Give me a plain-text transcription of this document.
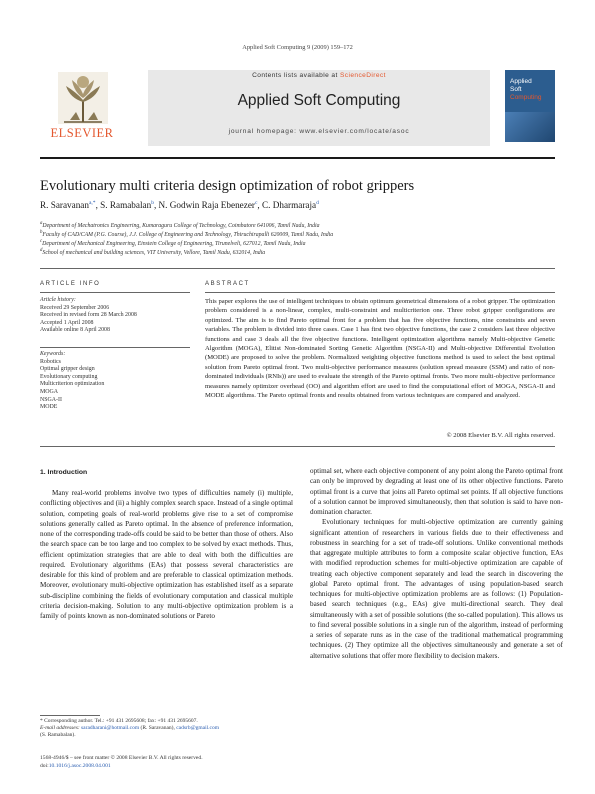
Applied Soft Computing 9 (2009) 159–172
ELSEVIER
Contents lists available at ScienceDirect
Applied Soft Computing
journal homepage: www.elsevier.com/locate/asoc
Applied
Soft
Computing
Evolutionary multi criteria design optimization of robot grippers
R. Saravanan$^{a,*}$, S. Ramabalan$^b$, N. Godwin Raja Ebenezer$^c$, C. Dharmaraja$^d$
$^a$Department of Mechatronics Engineering, Kumaraguru College of Technology, Coimbatore 641006, Tamil Nadu, India
$^b$Faculty of CAD/CAM (P.G. Course), J.J. College of Engineering and Technology, Thiruchirapalli 620009, Tamil Nadu, India
$^c$Department of Mechanical Engineering, Einstein College of Engineering, Tirunelveli, 627012, Tamil Nadu, India
$^d$School of mechanical and building sciences, VIT University, Vellore, Tamil Nadu, 632014, India
ARTICLE INFO	ABSTRACT
Article history:
Received 29 September 2006
Received in revised form 28 March 2008
Accepted 1 April 2008
Available online 8 April 2008
Keywords:
Robotics
Optimal gripper design
Evolutionary computing
Multicriterion optimization
MOGA
NSGA-II
MODE
This paper explores the use of intelligent techniques to obtain optimum geometrical dimensions of a robot gripper. The optimization problem considered is a non-linear, complex, multi-constraint and multicriterion one. Three robot gripper configurations are optimized. The aim is to find Pareto optimal front for a problem that has five objective functions, nine constraints and seven variables. The problem is divided into three cases. Case 1 has first two objective functions, the case 2 considers last three objective functions and case 3 deals all the five objective functions. Intelligent optimization algorithms namely Multi-objective Genetic Algorithm (MOGA), Elitist Non-dominated Sorting Genetic Algorithm (NSGA-II) and Multi-objective Differential Evolution (MODE) are proposed to solve the problem. Normalized weighting objective functions method is used to select the best optimal solution from Pareto optimal front. Two multi-objective performance measures (solution spread measure (SSM) and ratio of non-dominated individuals (RNIs)) are used to evaluate the strength of the Pareto optimal fronts. Two more multi-objective performance measures namely optimizer overhead (OO) and algorithm effort are used to find the computational effort of MOGA, NSGA-II and MODE algorithms. The Pareto optimal fronts and results obtained from various techniques are compared and analyzed.
© 2008 Elsevier B.V. All rights reserved.
1. Introduction

Many real-world problems involve two types of difficulties namely (i) multiple, conflicting objectives and (ii) a highly complex search space. Instead of a single optimal solution, competing goals of real-world problems give rise to a set of compromise solutions generally called as Pareto optimal. In the absence of preference information, none of the corresponding trade-offs could be said to be better than those of others. Also the search space can be too large and too complex to be solved by exact methods. Thus, efficient optimization strategies that are able to deal with both the difficulties are required. Evolutionary algorithms (EAs) that possess several characteristics are desirable for this kind of problem and are preferable to classical optimization methods. Moreover, evolutionary multi-objective optimization has established itself as a separate sub-discipline combining the fields of evolutionary computation and classical multiple criteria decision-making. Solution to any multi-objective optimization problem is a family of points known as non-dominated solutions or Pareto

optimal set, where each objective component of any point along the Pareto optimal front can only be improved by degrading at least one of its other objective functions. Pareto optimal front is a curve that joins all Pareto optimal set points. If all objective functions of a solution cannot be improved simultaneously, then that solution is said to have non-domination character.

Evolutionary techniques for multi-objective optimization are currently gaining significant attention of researchers in various fields due to their effectiveness and robustness in searching for a set of trade-off solutions. Unlike conventional methods that aggregate multiple attributes to form a composite scalar objective function, EAs with modified reproduction schemes for multi-objective optimization are capable of treating each objective component separately and lead the search in discovering the global Pareto optimal front. The advantages of using population-based search techniques for multi-objective optimization problems are as follows: (1) Population-based search techniques (e.g., EAs) give multi-directional search. They deal simultaneously with a set of possible solutions (the so-called population). This allows us to find several possible solutions in a single run of the algorithm, instead of performing a series of separate runs as in the case of the traditional mathematical programming techniques. (2) They optimize all the objectives simultaneously and generate a set of alternative solutions that offer more flexibility to decision makers.

* Corresponding author. Tel.: +91 431 2695608; fax: +91 431 2695607.
E-mail addresses: saradharani@hotmail.com (R. Saravanan), cadsrb@gmail.com
(S. Ramabalan).
1568-4946/$ – see front matter © 2008 Elsevier B.V. All rights reserved.
doi:10.1016/j.asoc.2008.04.001
